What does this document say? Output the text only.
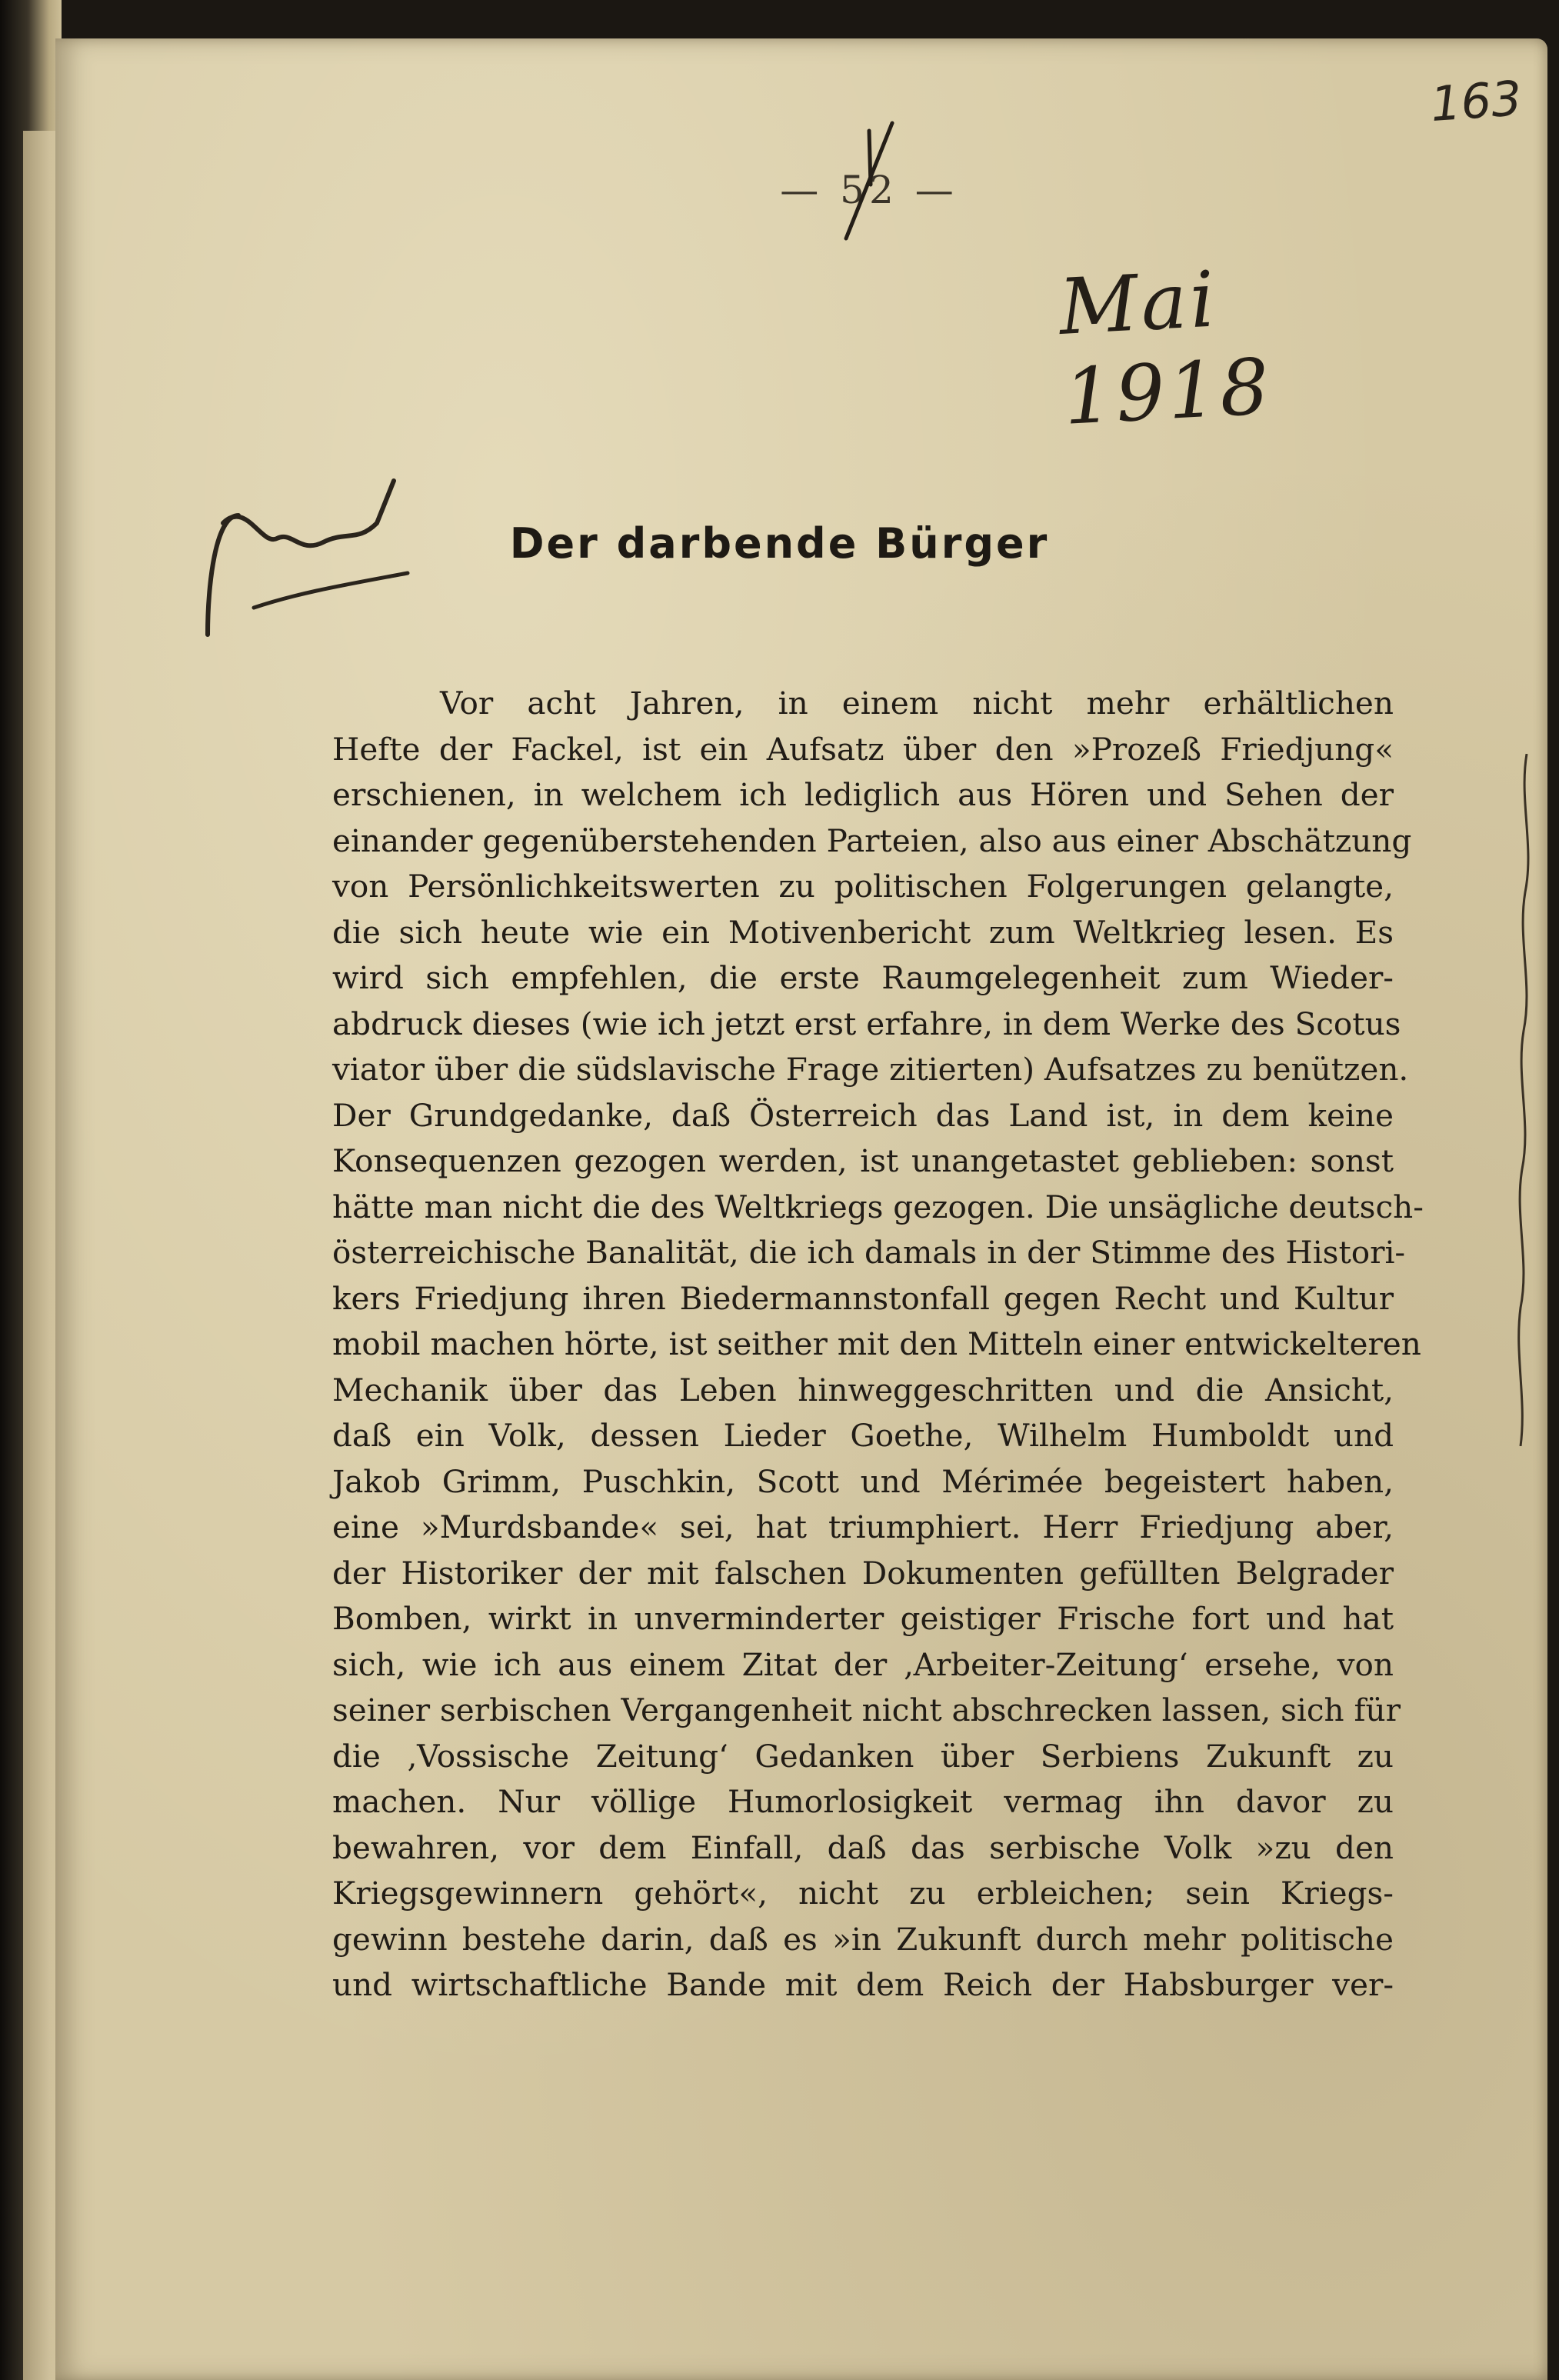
163
Mai 1918
— 52 —
Der darbende Bürger
Vor acht Jahren, in einem nicht mehr erhältlichen
Hefte der Fackel, ist ein Aufsatz über den »Prozeß Friedjung«
erschienen, in welchem ich lediglich aus Hören und Sehen der
einander gegenüberstehenden Parteien, also aus einer Abschätzung
von Persönlichkeitswerten zu politischen Folgerungen gelangte,
die sich heute wie ein Motivenbericht zum Weltkrieg lesen. Es
wird sich empfehlen, die erste Raumgelegenheit zum Wieder-
abdruck dieses (wie ich jetzt erst erfahre, in dem Werke des Scotus
viator über die südslavische Frage zitierten) Aufsatzes zu benützen.
Der Grundgedanke, daß Österreich das Land ist, in dem keine
Konsequenzen gezogen werden, ist unangetastet geblieben: sonst
hätte man nicht die des Weltkriegs gezogen. Die unsägliche deutsch-
österreichische Banalität, die ich damals in der Stimme des Histori-
kers Friedjung ihren Biedermannstonfall gegen Recht und Kultur
mobil machen hörte, ist seither mit den Mitteln einer entwickelteren
Mechanik über das Leben hinweggeschritten und die Ansicht,
daß ein Volk, dessen Lieder Goethe, Wilhelm Humboldt und
Jakob Grimm, Puschkin, Scott und Mérimée begeistert haben,
eine »Murdsbande« sei, hat triumphiert. Herr Friedjung aber,
der Historiker der mit falschen Dokumenten gefüllten Belgrader
Bomben, wirkt in unverminderter geistiger Frische fort und hat
sich, wie ich aus einem Zitat der ‚Arbeiter-Zeitung‘ ersehe, von
seiner serbischen Vergangenheit nicht abschrecken lassen, sich für
die ‚Vossische Zeitung‘ Gedanken über Serbiens Zukunft zu
machen. Nur völlige Humorlosigkeit vermag ihn davor zu
bewahren, vor dem Einfall, daß das serbische Volk »zu den
Kriegsgewinnern gehört«, nicht zu erbleichen; sein Kriegs-
gewinn bestehe darin, daß es »in Zukunft durch mehr politische
und wirtschaftliche Bande mit dem Reich der Habsburger ver-
